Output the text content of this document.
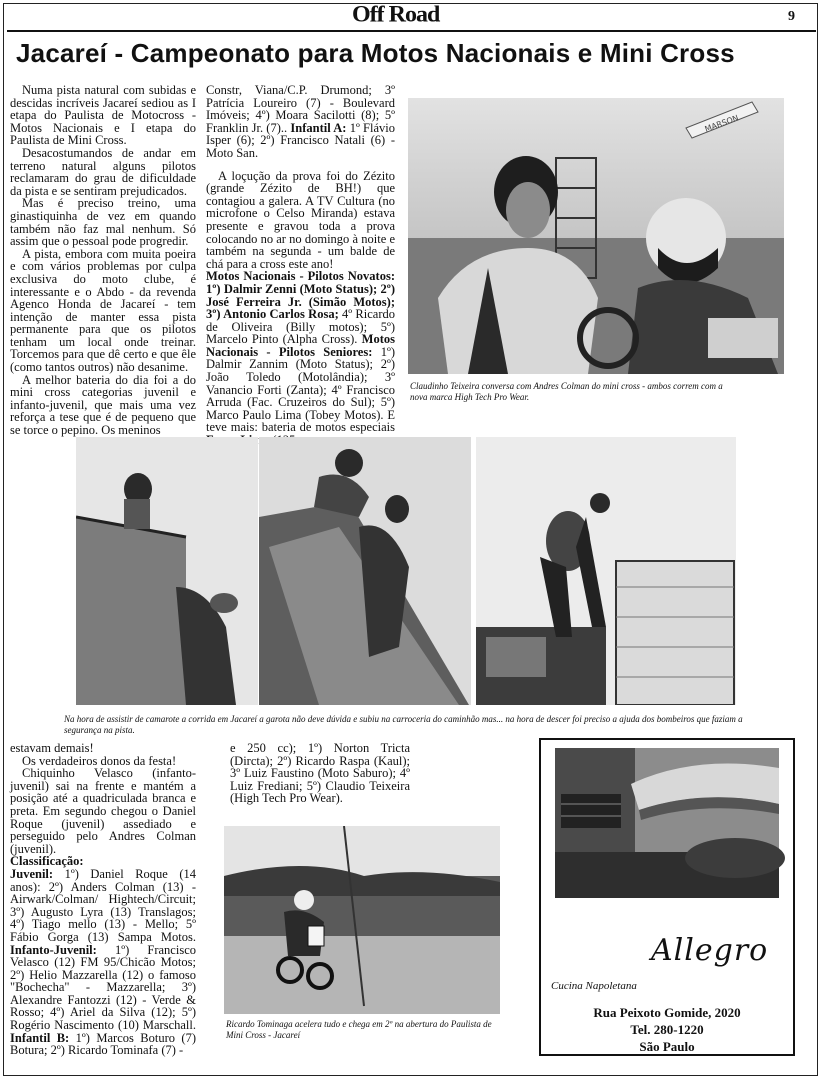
Off Road	9
Jacareí - Campeonato para Motos Nacionais e Mini Cross

Numa pista natural com subidas e descidas incríveis Jacareí sediou as I etapa do Paulista de Motocross - Motos Nacionais e I etapa do Paulista de Mini Cross.

Desacostumandos de andar em terreno natural alguns pilotos reclamaram do grau de dificuldade da pista e se sentiram prejudicados.

Mas é preciso treino, uma ginastiquinha de vez em quando também não faz mal nenhum. Só assim que o pessoal pode progredir.

A pista, embora com muita poeira e com vários problemas por culpa exclusiva do moto clube, é interessante e o Abdo - da revenda Agenco Honda de Jacareí - tem intenção de manter essa pista permanente para que os pilotos tenham um local onde treinar. Torcemos para que dê certo e que êle (como tantos outros) não desanime.

A melhor bateria do dia foi a do mini cross categorias juvenil e infanto-juvenil, que mais uma vez reforça a tese que é de pequeno que se torce o pepino. Os meninos

Constr, Viana/C.P. Drumond; 3º Patrícia Loureiro (7) - Boulevard Imóveis; 4º) Moara Sacilotti (8); 5º Franklin Jr. (7).. Infantil A: 1º Flávio Isper (6); 2º) Francisco Natali (6) - Moto San.

A loçução da prova foi do Zézito (grande Zézito de BH!) que contagiou a galera. A TV Cultura (no microfone o Celso Miranda) estava presente e gravou toda a prova colocando no ar no domingo à noite e também na segunda - um balde de chá para a cross este ano!

Motos Nacionais - Pilotos Novatos: 1º) Dalmir Zenni (Moto Status); 2º) José Ferreira Jr. (Simão Motos); 3º) Antonio Carlos Rosa; 4º Ricardo de Oliveira (Billy motos); 5º) Marcelo Pinto (Alpha Cross). Motos Nacionais - Pilotos Seniores: 1º) Dalmir Zannim (Moto Status); 2º) João Toledo (Motolândia); 3º Vanancio Forti (Zanta); 4º Francisco Arruda (Fac. Cruzeiros do Sul); 5º) Marco Paulo Lima (Tobey Motos). E teve mais: bateria de motos especiais

MARSON
Claudinho Teixeira conversa com Andres Colman do mini cross - ambos correm com a nova marca High Tech Pro Wear.
Na hora de assistir de camarote a corrida em Jacareí a garota não deve dúvida e subiu na carroceria do caminhão mas... na hora de descer foi preciso a ajuda dos bombeiros que faziam a segurança na pista.

estavam demais!

Os verdadeiros donos da festa!

Chiquinho Velasco (infanto-juvenil) sai na frente e mantém a posição até a quadriculada branca e preta. Em segundo chegou o Daniel Roque (juvenil) assediado e perseguido pelo Andres Colman (juvenil).

Classificação:

Juvenil: 1º) Daniel Roque (14 anos): 2º) Anders Colman (13) - Airwark/Colman/ Hightech/Circuit; 3º) Augusto Lyra (13) Translagos; 4º) Tiago mello (13) - Mello; 5º Fábio Gorga (13) Sampa Motos. Infanto-Juvenil: 1º) Francisco Velasco (12) FM 95/Chicão Motos; 2º) Helio Mazzarella (12) o famoso "Bochecha" - Mazzarella; 3º) Alexandre Fantozzi (12) - Verde & Rosso; 4º) Ariel da Silva (12); 5º) Rogério Nascimento (10) Marschall. Infantil B: 1º) Marcos Boturo (7) Botura; 2º) Ricardo Tominafa (7) -

e 250 cc); 1º) Norton Tricta (Dircta); 2º) Ricardo Raspa (Kaul); 3º Luiz Faustino (Moto Saburo); 4º Luiz Frediani; 5º) Claudio Teixeira (High Tech Pro Wear).

Ricardo Tominaga acelera tudo e chega em 2º na abertura do Paulista de Mini Cross - Jacareí
Allegro
Cucina Napoletana
Rua Peixoto Gomide, 2020
Tel. 280-1220
São Paulo
